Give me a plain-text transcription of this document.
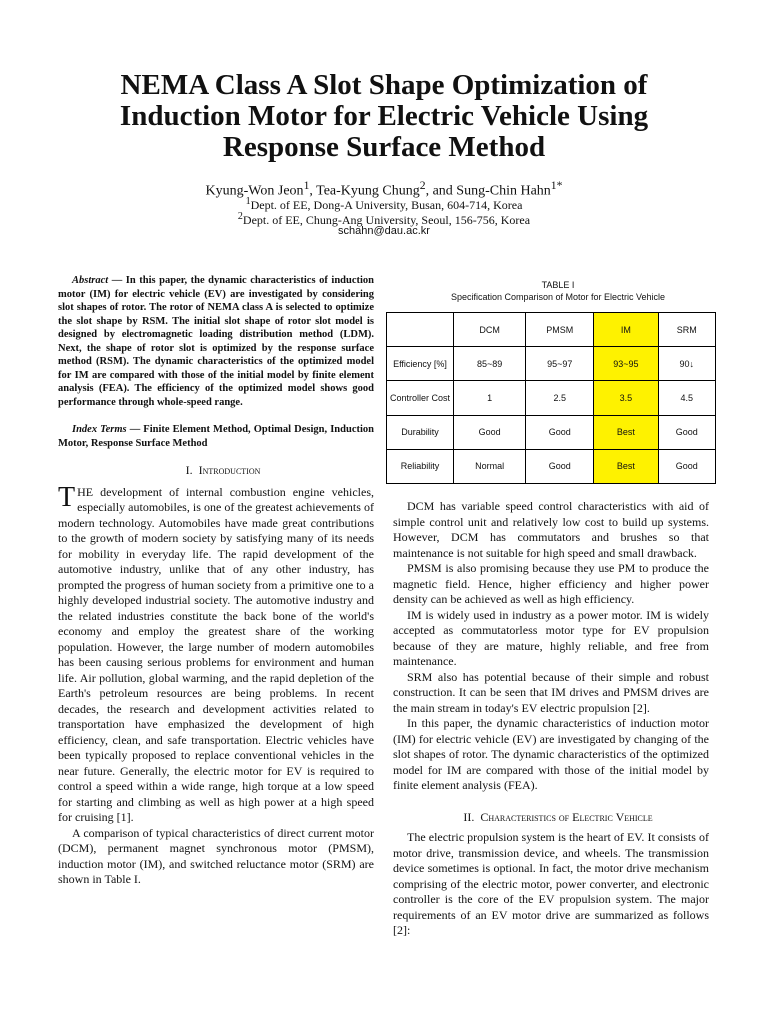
NEMA Class A Slot Shape Optimization of Induction Motor for Electric Vehicle Using Response Surface Method
Kyung-Won Jeon$^1$, Tea-Kyung Chung$^2$, and Sung-Chin Hahn$^{1*}$
$^1$Dept. of EE, Dong-A University, Busan, 604-714, Korea
$^2$Dept. of EE, Chung-Ang University, Seoul, 156-756, Korea
schahn@dau.ac.kr

Abstract — In this paper, the dynamic characteristics of induction motor (IM) for electric vehicle (EV) are investigated by considering slot shapes of rotor. The rotor of NEMA class A is selected to optimize the slot shape by RSM. The initial slot shape of rotor slot model is designed by electromagnetic loading distribution method (LDM). Next, the shape of rotor slot is optimized by the response surface method (RSM). The dynamic characteristics of the optimized model for IM are compared with those of the initial model by finite element analysis (FEA). The efficiency of the optimized model shows good performance through whole-speed range.

Index Terms — Finite Element Method, Optimal Design, Induction Motor, Response Surface Method

I. Introduction

THE development of internal combustion engine vehicles, especially automobiles, is one of the greatest achievements of modern technology. Automobiles have made great contributions to the growth of modern society by satisfying many of its needs for mobility in everyday life. The rapid development of the automotive industry, unlike that of any other industry, has prompted the progress of human society from a primitive one to a highly developed industrial society. The automotive industry and the related industries constitute the back bone of the world's economy and employ the greatest share of the working population. However, the large number of modern automobiles has been causing serious problems for environment and human life. Air pollution, global warming, and the rapid depletion of the Earth's petroleum resources are being problems. In recent decades, the research and development activities related to transportation have emphasized the development of high efficiency, clean, and safe transportation. Electric vehicles have been typically proposed to replace conventional vehicles in the near future. Generally, the electric motor for EV is required to control a speed within a wide range, high torque at a low speed for starting and climbing as well as high power at a high speed for cruising [1].

A comparison of typical characteristics of direct current motor (DCM), permanent magnet synchronous motor (PMSM), induction motor (IM), and switched reluctance motor (SRM) are shown in Table I.

TABLE I
Specification Comparison of Motor for Electric Vehicle
	DCM	PMSM	IM	SRM
Efficiency [%]	85~89	95~97	93~95	90↓
Controller Cost	1	2.5	3.5	4.5
Durability	Good	Good	Best	Good
Reliability	Normal	Good	Best	Good

DCM has variable speed control characteristics with aid of simple control unit and relatively low cost to build up systems. However, DCM has commutators and brushes so that maintenance is not suitable for high speed and small drawback.

PMSM is also promising because they use PM to produce the magnetic field. Hence, higher efficiency and higher power density can be achieved as well as high efficiency.

IM is widely used in industry as a power motor. IM is widely accepted as commutatorless motor type for EV propulsion because of they are mature, highly reliable, and free from maintenance.

SRM also has potential because of their simple and robust construction. It can be seen that IM drives and PMSM drives are the main stream in today's EV electric propulsion [2].

In this paper, the dynamic characteristics of induction motor (IM) for electric vehicle (EV) are investigated by changing of the slot shapes of rotor. The dynamic characteristics of the optimized model for IM are compared with those of the initial model by finite element analysis (FEA).

II. Characteristics of Electric Vehicle

The electric propulsion system is the heart of EV. It consists of motor drive, transmission device, and wheels. The transmission device sometimes is optional. In fact, the motor drive mechanism comprising of the electric motor, power converter, and electronic controller is the core of the EV propulsion system. The major requirements of an EV motor drive are summarized as follows [2]:
